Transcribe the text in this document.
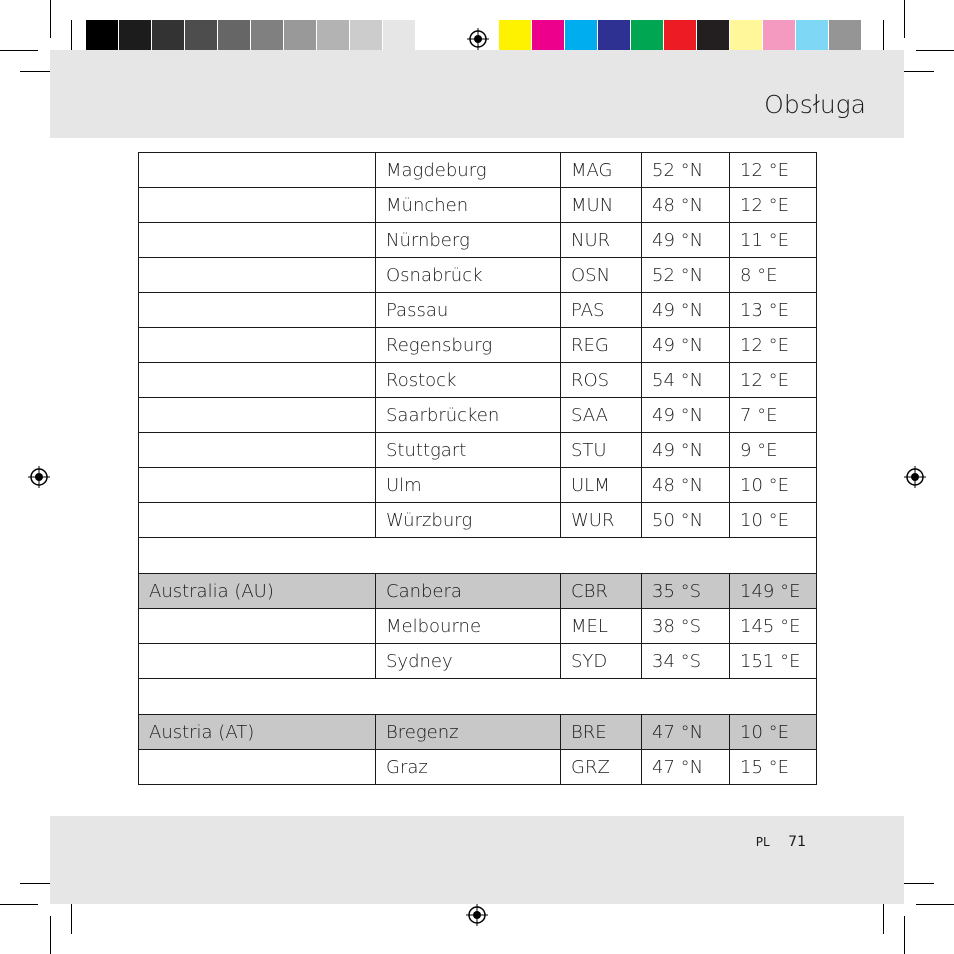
Obsługa
	Magdeburg	MAG	52 °N	12 °E
	München	MUN	48 °N	12 °E
	Nürnberg	NUR	49 °N	11 °E
	Osnabrück	OSN	52 °N	8 °E
	Passau	PAS	49 °N	13 °E
	Regensburg	REG	49 °N	12 °E
	Rostock	ROS	54 °N	12 °E
	Saarbrücken	SAA	49 °N	7 °E
	Stuttgart	STU	49 °N	9 °E
	Ulm	ULM	48 °N	10 °E
	Würzburg	WUR	50 °N	10 °E

Australia (AU)	Canbera	CBR	35 °S	149 °E
	Melbourne	MEL	38 °S	145 °E
	Sydney	SYD	34 °S	151 °E

Austria (AT)	Bregenz	BRE	47 °N	10 °E
	Graz	GRZ	47 °N	15 °E
PL 71
